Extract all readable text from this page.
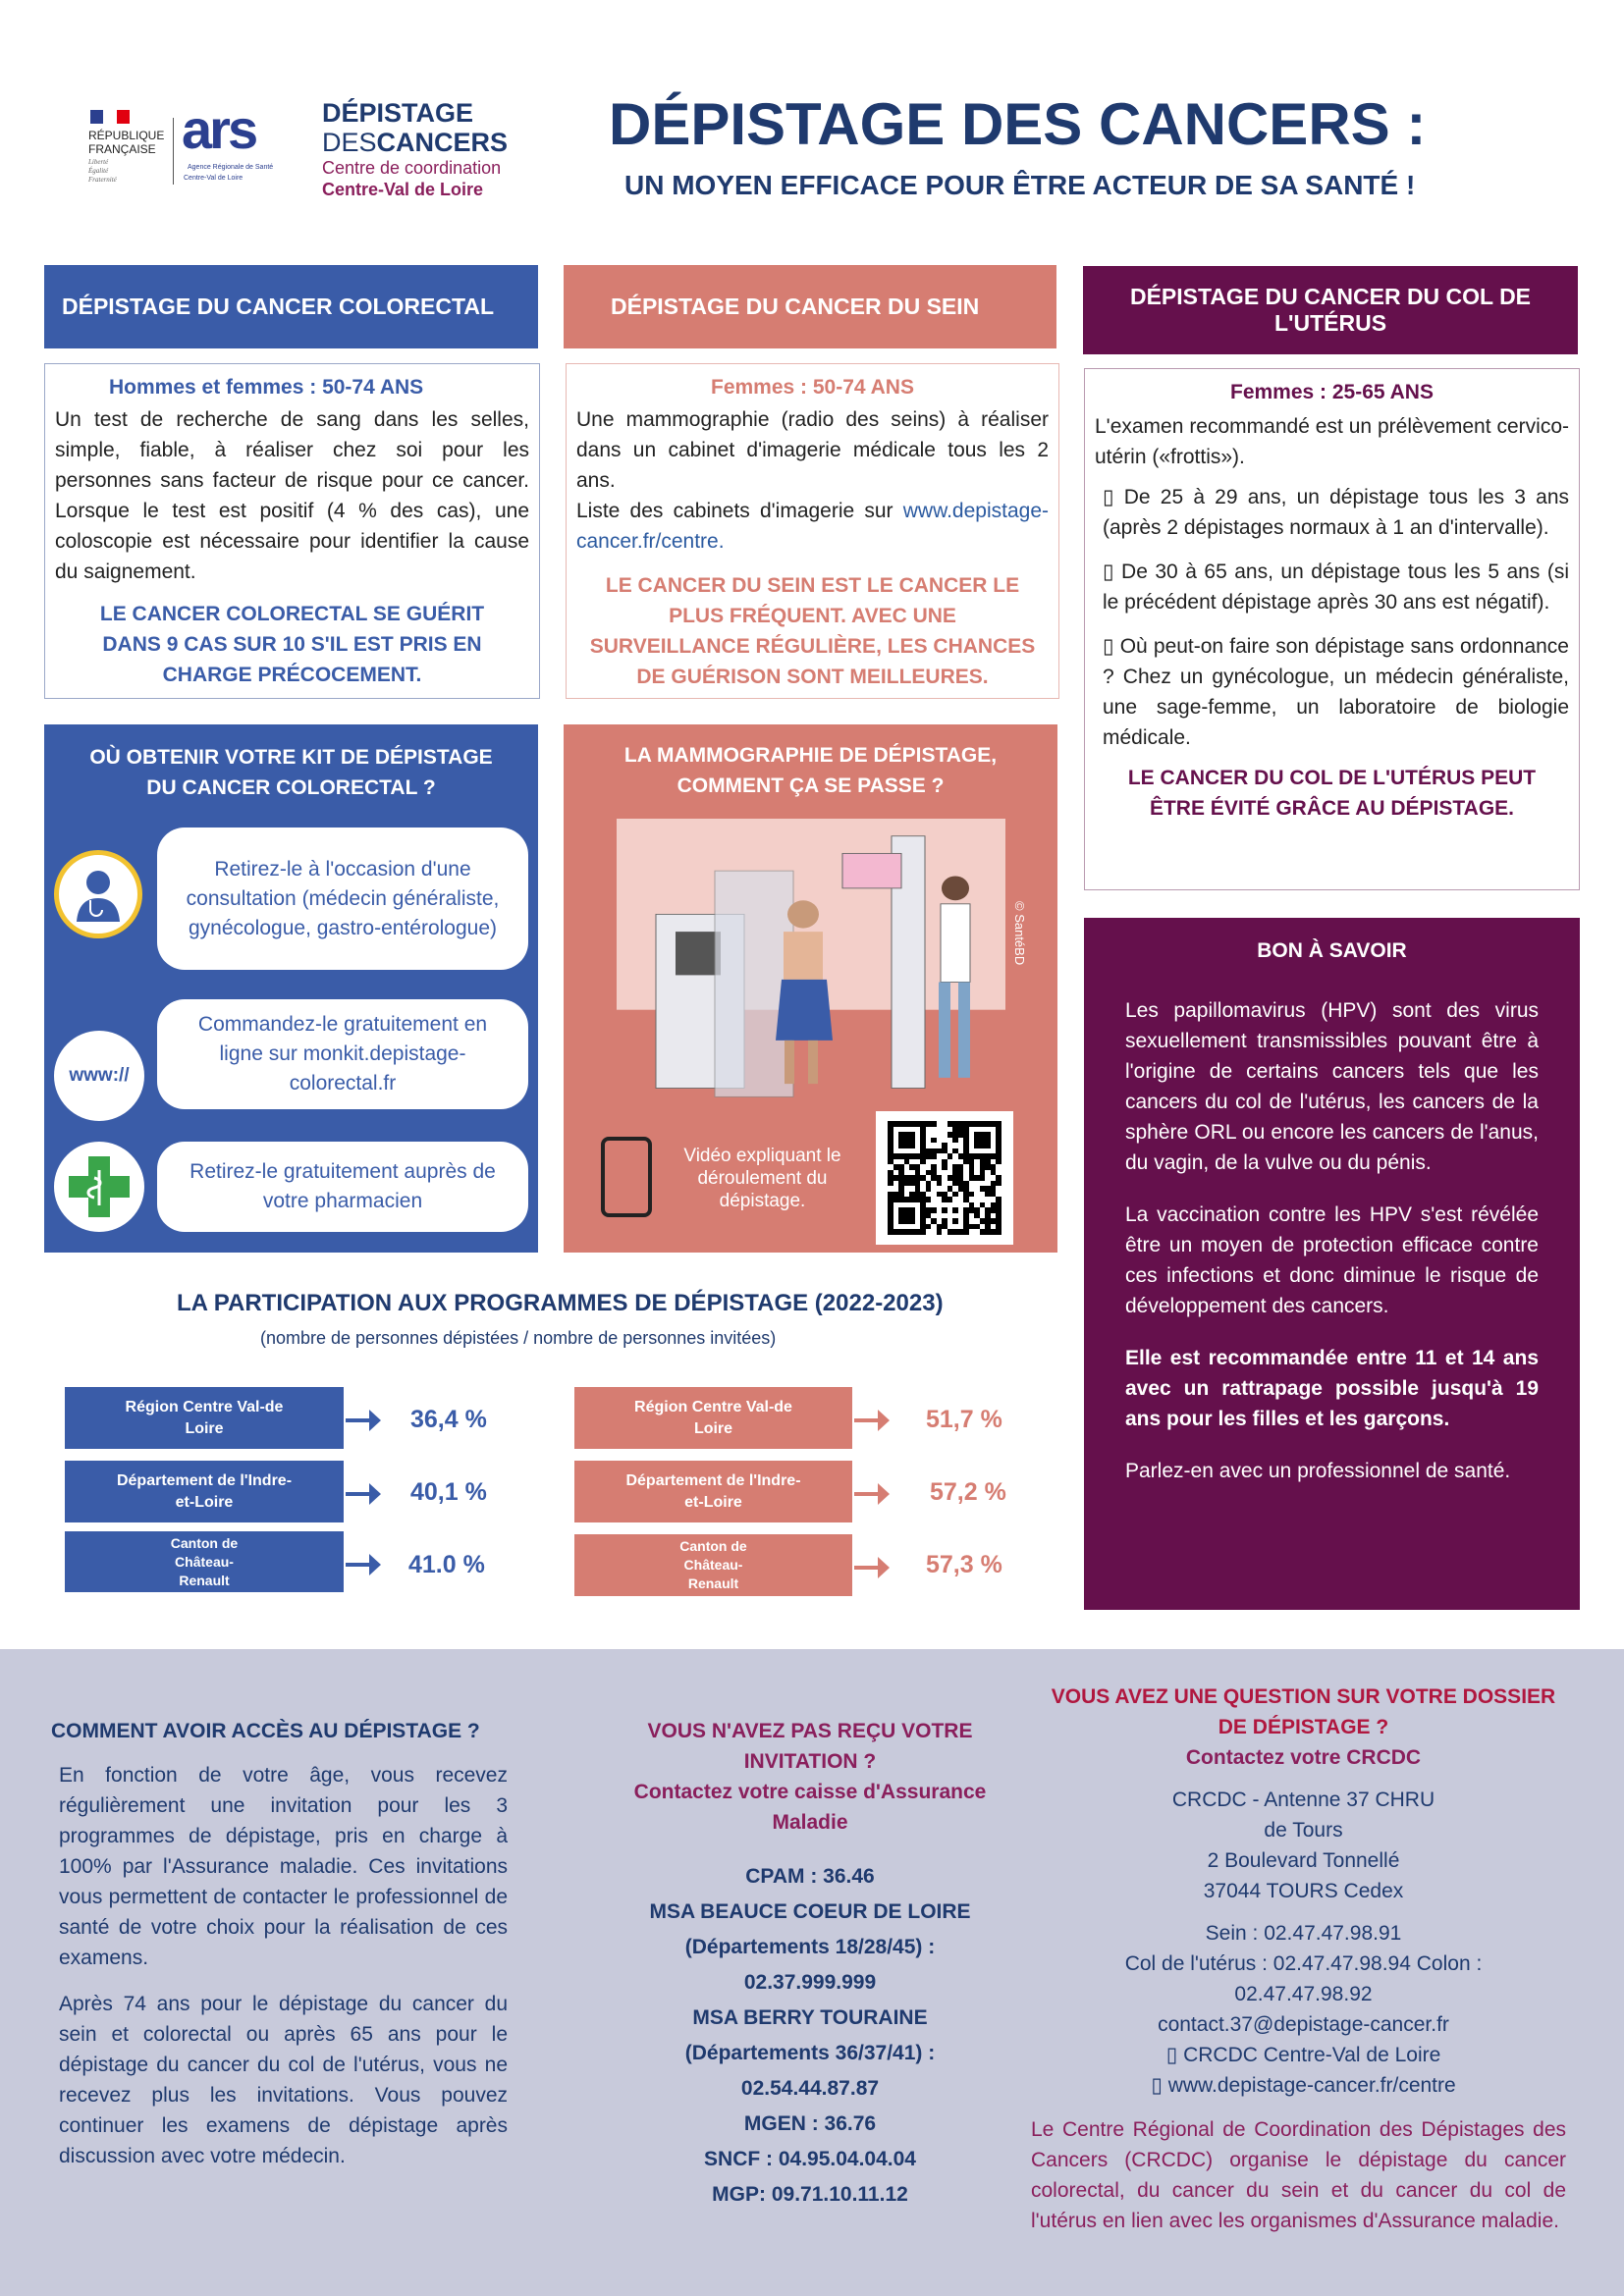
RÉPUBLIQUE
FRANÇAISE
Liberté Égalité Fraternité
ars
Agence Régionale de Santé
Centre-Val de Loire
DÉPISTAGE
DESCANCERS
Centre de coordination
Centre-Val de Loire
DÉPISTAGE DES CANCERS :
UN MOYEN EFFICACE POUR ÊTRE ACTEUR DE SA SANTÉ !
DÉPISTAGE DU CANCER COLORECTAL	DÉPISTAGE DU CANCER DU SEIN	DÉPISTAGE DU CANCER DU COL DE L'UTÉRUS
Hommes et femmes : 50-74 ANS
Un test de recherche de sang dans les selles, simple, fiable, à réaliser chez soi pour les personnes sans facteur de risque pour ce cancer. Lorsque le test est positif (4 % des cas), une coloscopie est nécessaire pour identifier la cause du saignement.
LE CANCER COLORECTAL SE GUÉRIT DANS 9 CAS SUR 10 S'IL EST PRIS EN CHARGE PRÉCOCEMENT.
Femmes : 50-74 ANS
Une mammographie (radio des seins) à réaliser dans un cabinet d'imagerie médicale tous les 2 ans.
Liste des cabinets d'imagerie sur www.depistage-cancer.fr/centre.
LE CANCER DU SEIN EST LE CANCER LE PLUS FRÉQUENT. AVEC UNE SURVEILLANCE RÉGULIÈRE, LES CHANCES DE GUÉRISON SONT MEILLEURES.
Femmes : 25-65 ANS
L'examen recommandé est un prélèvement cervico-utérin («frottis»).
▯ De 25 à 29 ans, un dépistage tous les 3 ans (après 2 dépistages normaux à 1 an d'intervalle).
▯ De 30 à 65 ans, un dépistage tous les 5 ans (si le précédent dépistage après 30 ans est négatif).
▯ Où peut-on faire son dépistage sans ordonnance ? Chez un gynécologue, un médecin généraliste, une sage-femme, un laboratoire de biologie médicale.
LE CANCER DU COL DE L'UTÉRUS PEUT ÊTRE ÉVITÉ GRÂCE AU DÉPISTAGE.
OÙ OBTENIR VOTRE KIT DE DÉPISTAGE DU CANCER COLORECTAL ?
Retirez-le à l'occasion d'une consultation (médecin généraliste, gynécologue, gastro-entérologue)
www://
Commandez-le gratuitement en ligne sur monkit.depistage-colorectal.fr
Retirez-le gratuitement auprès de votre pharmacien
LA MAMMOGRAPHIE DE DÉPISTAGE, COMMENT ÇA SE PASSE ?
© SantéBD
Vidéo expliquant le déroulement du dépistage.
BON À SAVOIR
Les papillomavirus (HPV) sont des virus sexuellement transmissibles pouvant être à l'origine de certains cancers tels que les cancers du col de l'utérus, les cancers de la sphère ORL ou encore les cancers de l'anus, du vagin, de la vulve ou du pénis.
La vaccination contre les HPV s'est révélée être un moyen de protection efficace contre ces infections et donc diminue le risque de développement des cancers.
Elle est recommandée entre 11 et 14 ans avec un rattrapage possible jusqu'à 19 ans pour les filles et les garçons.
Parlez-en avec un professionnel de santé.
LA PARTICIPATION AUX PROGRAMMES DE DÉPISTAGE (2022-2023)
(nombre de personnes dépistées / nombre de personnes invitées)
Région Centre Val-de Loire
Département de l'Indre-et-Loire
Canton de Château-Renault
36,4 %
40,1 %
41.0 %
Région Centre Val-de Loire
Département de l'Indre-et-Loire
Canton de Château-Renault
51,7 %
57,2 %
57,3 %
COMMENT AVOIR ACCÈS AU DÉPISTAGE ?
En fonction de votre âge, vous recevez régulièrement une invitation pour les 3 programmes de dépistage, pris en charge à 100% par l'Assurance maladie. Ces invitations vous permettent de contacter le professionnel de santé de votre choix pour la réalisation de ces examens.
Après 74 ans pour le dépistage du cancer du sein et colorectal ou après 65 ans pour le dépistage du cancer du col de l'utérus, vous ne recevez plus les invitations. Vous pouvez continuer les examens de dépistage après discussion avec votre médecin.
VOUS N'AVEZ PAS REÇU VOTRE INVITATION ?
Contactez votre caisse d'Assurance Maladie
CPAM : 36.46
MSA BEAUCE COEUR DE LOIRE
(Départements 18/28/45) :
02.37.999.999
MSA BERRY TOURAINE
(Départements 36/37/41) :
02.54.44.87.87
MGEN : 36.76
SNCF : 04.95.04.04.04
MGP: 09.71.10.11.12
VOUS AVEZ UNE QUESTION SUR VOTRE DOSSIER DE DÉPISTAGE ?
Contactez votre CRCDC
CRCDC - Antenne 37 CHRU
de Tours
2 Boulevard Tonnellé
37044 TOURS Cedex
Sein : 02.47.47.98.91
Col de l'utérus : 02.47.47.98.94 Colon :
02.47.47.98.92
contact.37@depistage-cancer.fr
▯ CRCDC Centre-Val de Loire
▯ www.depistage-cancer.fr/centre
Le Centre Régional de Coordination des Dépistages des Cancers (CRCDC) organise le dépistage du cancer colorectal, du cancer du sein et du cancer du col de l'utérus en lien avec les organismes d'Assurance maladie.
